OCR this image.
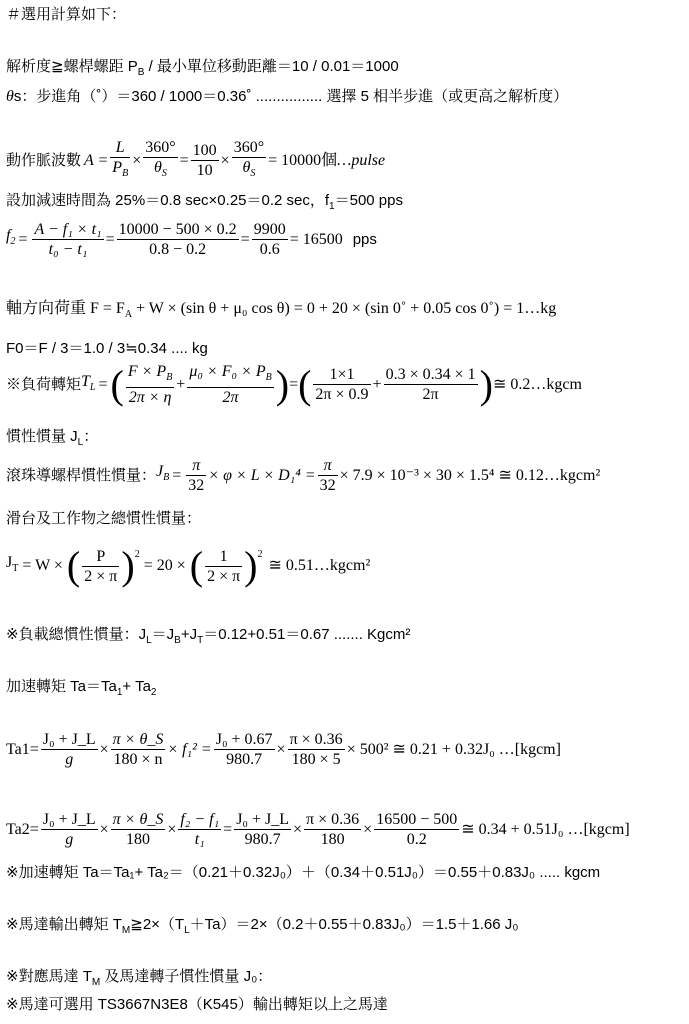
＃選用計算如下：
解析度≧螺桿螺距 $P_B$ / 最小單位移動距離＝10 / 0.01＝1000
θs：步進角（˚）＝360 / 1000＝0.36˚ ................ 選擇 5 相半步進（或更高之解析度）
動作脈波數 $A = \frac{L}{P_B} \times \frac{360^\circ}{\theta_S} = \frac{100}{10} \times \frac{360^\circ}{\theta_S} = 10000$個 …pulse
設加減速時間為 25%＝0.8 sec×0.25＝0.2 sec，$f_1=500$ pps
$f_2 = \frac{\text{A − f₁ × t₁}}{\text{t₀ − t₁}} = \frac{10000 - 500 \times 0.2}{0.8 - 0.2} = \frac{9900}{0.6} = 16500$ pps
軸方向荷重 $F = F_A + W \times (\sin$ θ + μ₀ cos θ) = 0 + 20 × (sin 0˚ + 0.05 cos 0˚) = 1…kg
F0＝F / 3＝1.0 / 3≒0.34 .... kg
※負荷轉矩 $T_L$ = ( $\frac{F \times P_B}{2\pi \times \eta} + \frac{\mu_0 \times F_0 \times P_B}{2\pi}$ ) = ( $\frac{1\times 1}{2\pi \times 0.9} + \frac{0.3 \times 0.34 \times 1}{2\pi}$ ) ≅ 0.2…kgcm
慣性慣量 $J_L$：
滾珠導螺桿慣性慣量： $J_B = \frac{\pi}{32} \times \varphi \times L \times D_1^4 = \frac{\pi}{32} \times 7.9 \times 10^{-3} \times 30 \times 1.5^4$ ≅ 0.12…kgcm²
滑台及工作物之總慣性慣量：
$J_T = W$ × ( $\frac{P}{2 \times \pi} )^2$
= 20 × ( $\frac{1}{2 \times \pi} )^2$
≅ 0.51…kgcm²
※負載總慣性慣量：$J_L=J_B+J_T=0.12+0.51=0.67$ ....... Kgcm²
加速轉矩 $Ta=Ta_1+ Ta_2$
$Ta1= \frac{\text{J₀ + J\_L}}{g} \times \frac{\pi \times \theta\_S}{180 \times n} \times f_1^2 = \frac{\text{J₀ + 0.67}}{980.7} \times \frac{\pi \times 0.36}{180 \times 5} \times 500^2$ ≅ 0.21 + 0.32J₀ …[kgcm]
$Ta2= \frac{\text{J₀ + J\_L}}{g} \times \frac{\pi \times \theta\_S}{180} \times \frac{\text{f₂ − f₁}}{\text{t₁}} = \frac{\text{J₀ + J\_L}}{980.7} \times \frac{\pi \times 0.36}{180} \times \frac{16500 - 500}{0.2}$ ≅ 0.34 + 0.51J₀ …[kgcm]
※加速轉矩 Ta＝Ta₁+ Ta₂＝（0.21＋0.32J₀）＋（0.34＋0.51J₀）＝0.55＋0.83J₀ ..... kgcm
※馬達輸出轉矩 $T_M≧2\times(T_L+Ta)=2\times(0.2+0.55+0.83J_0)=1.5+1.66$ J₀
※對應馬達 $T_M$ 及馬達轉子慣性慣量 J₀：
※馬達可選用 TS3667N3E8（K545）輸出轉矩以上之馬達
